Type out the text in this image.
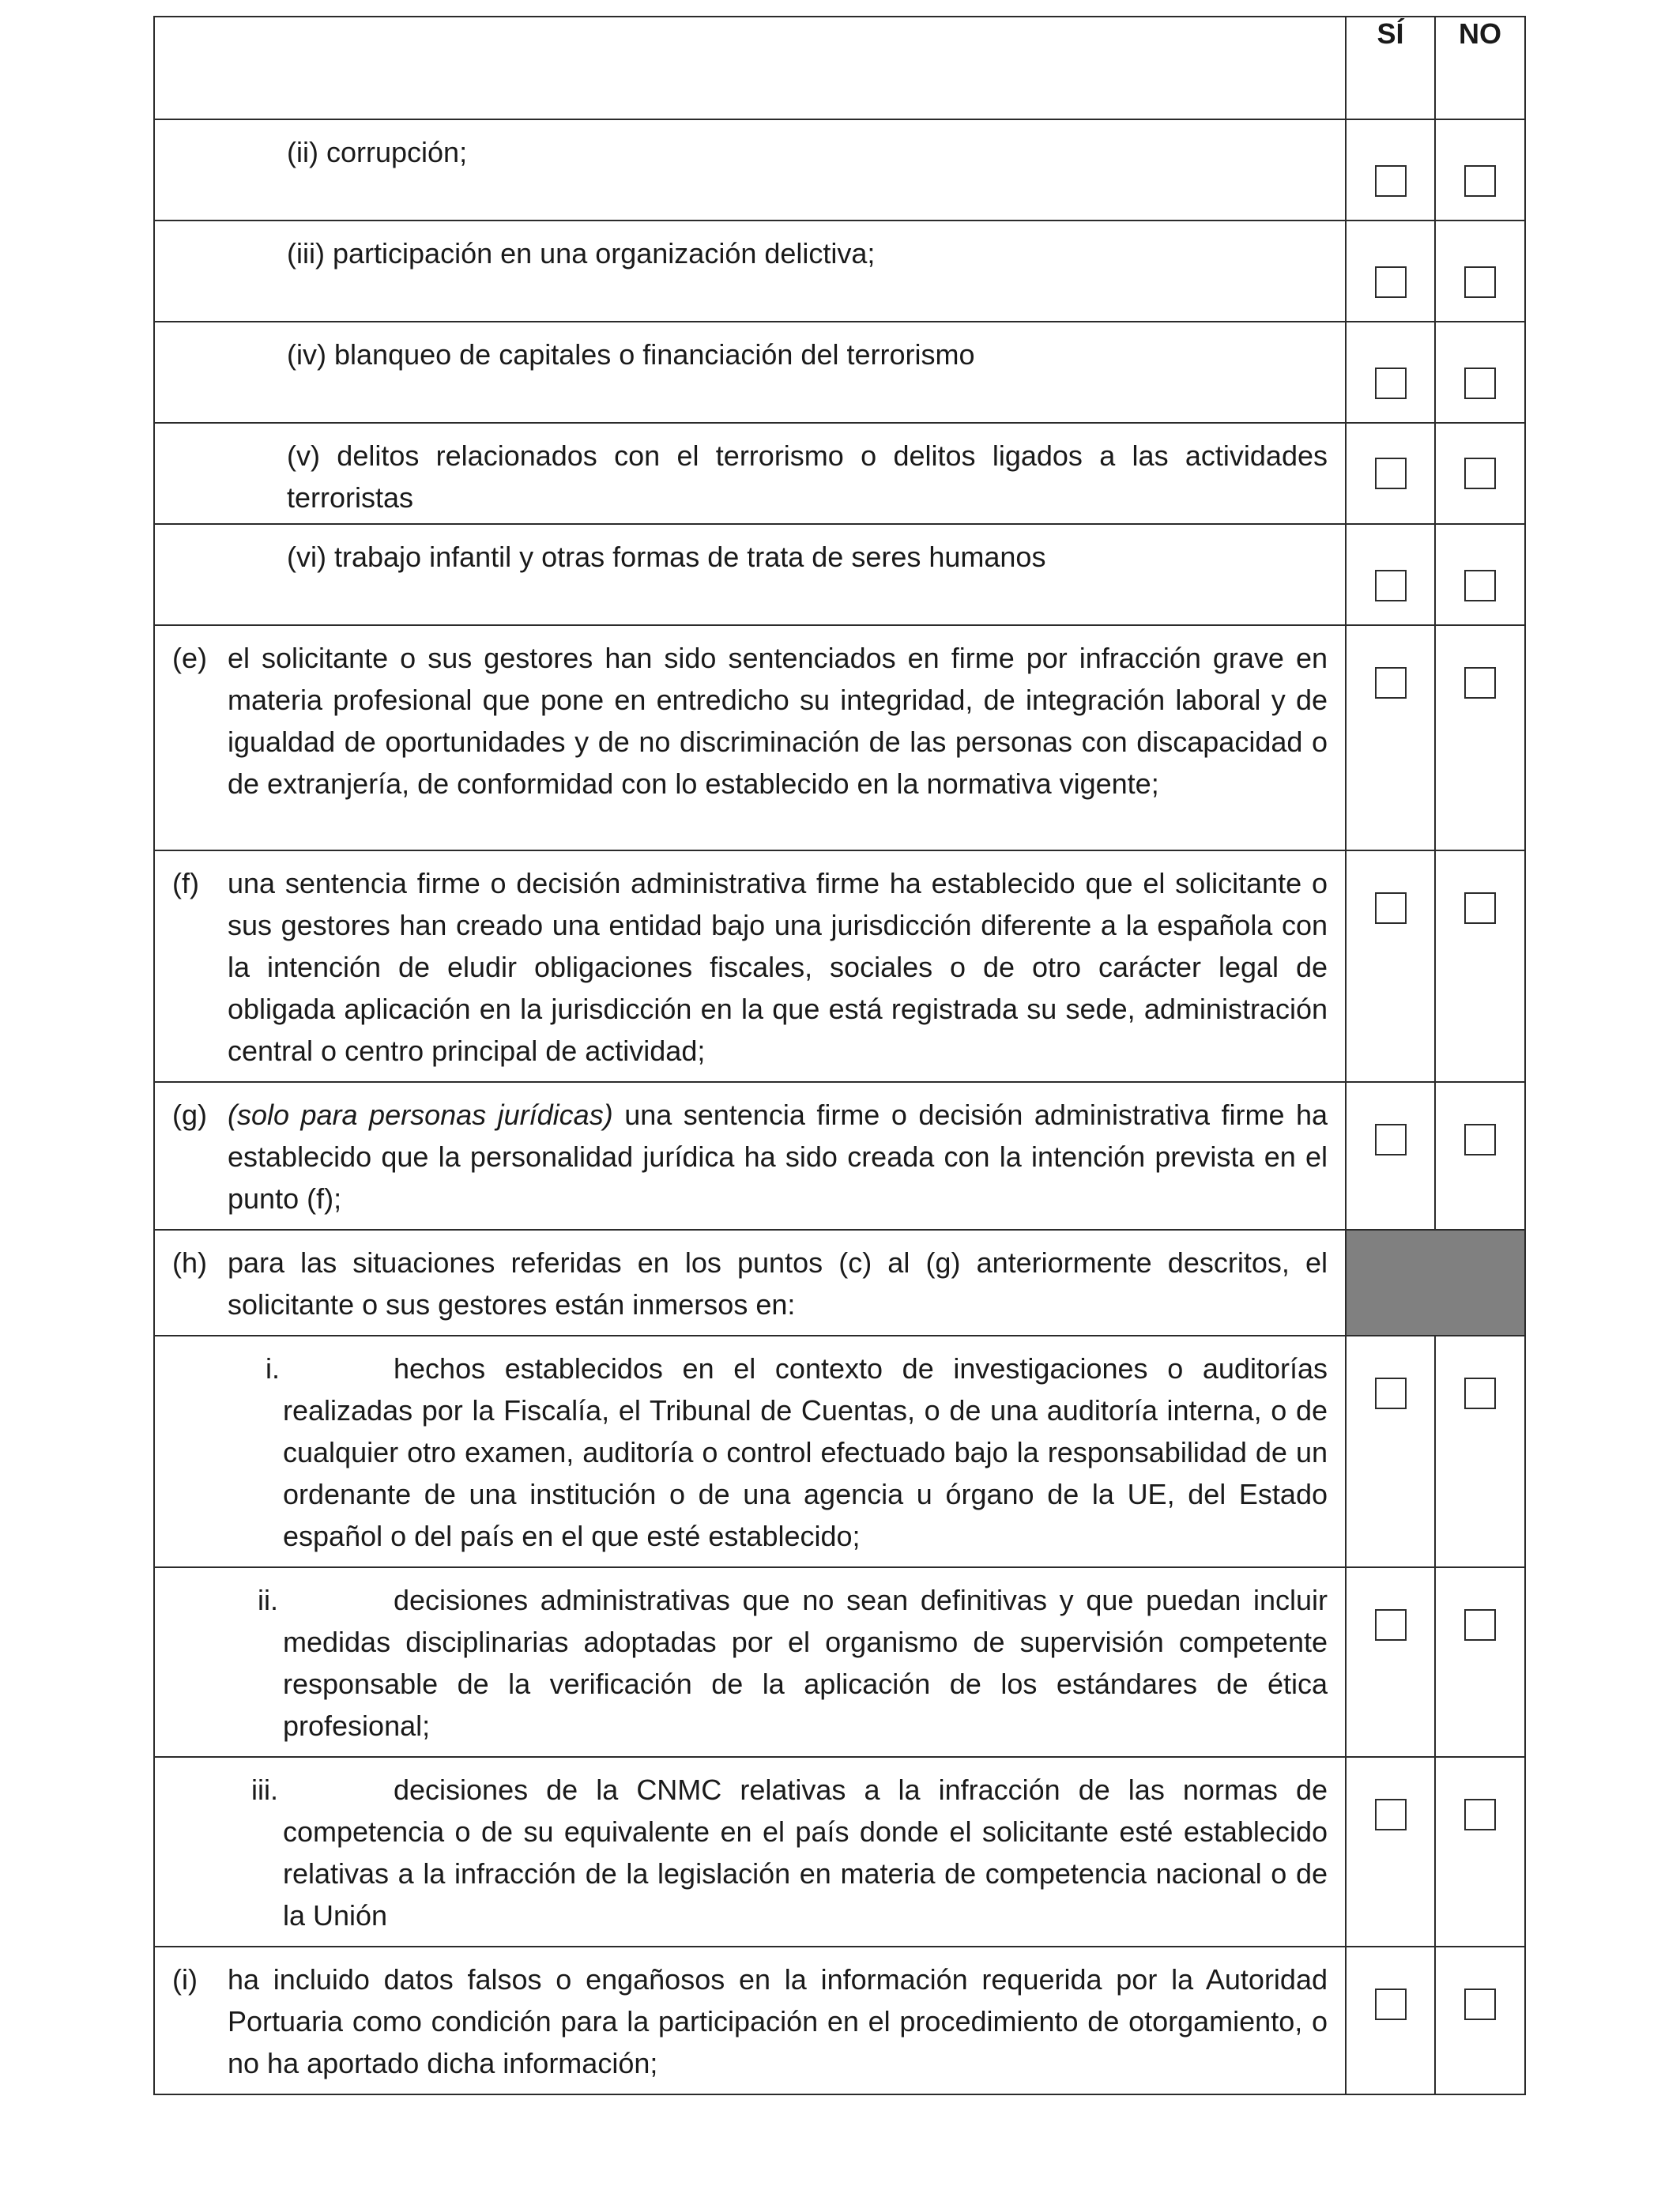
	SÍ	NO

(ii) corrupción;		

(iii) participación en una organización delictiva;		

(iv) blanqueo de capitales o financiación del terrorismo		

(v) delitos relacionados con el terrorismo o delitos ligados a las actividades terroristas		

(vi) trabajo infantil y otras formas de trata de seres humanos		

(e) el solicitante o sus gestores han sido sentenciados en firme por infracción grave en materia profesional que pone en entredicho su integridad, de integración laboral y de igualdad de oportunidades y de no discriminación de las personas con discapacidad o de extranjería, de conformidad con lo establecido en la normativa vigente;		

(f) una sentencia firme o decisión administrativa firme ha establecido que el solicitante o sus gestores han creado una entidad bajo una jurisdicción diferente a la española con la intención de eludir obligaciones fiscales, sociales o de otro carácter legal de obligada aplicación en la jurisdicción en la que está registrada su sede, administración central o centro principal de actividad;		

(g) (solo para personas jurídicas) una sentencia firme o decisión administrativa firme ha establecido que la personalidad jurídica ha sido creada con la intención prevista en el punto (f);		

(h) para las situaciones referidas en los puntos (c) al (g) anteriormente descritos, el solicitante o sus gestores están inmersos en:		

i. hechos establecidos en el contexto de investigaciones o auditorías realizadas por la Fiscalía, el Tribunal de Cuentas, o de una auditoría interna, o de cualquier otro examen, auditoría o control efectuado bajo la responsabilidad de un ordenante de una institución o de una agencia u órgano de la UE, del Estado español o del país en el que esté establecido;		

ii. decisiones administrativas que no sean definitivas y que puedan incluir medidas disciplinarias adoptadas por el organismo de supervisión competente responsable de la verificación de la aplicación de los estándares de ética profesional;		

iii. decisiones de la CNMC relativas a la infracción de las normas de competencia o de su equivalente en el país donde el solicitante esté establecido relativas a la infracción de la legislación en materia de competencia nacional o de la Unión		

(i) ha incluido datos falsos o engañosos en la información requerida por la Autoridad Portuaria como condición para la participación en el procedimiento de otorgamiento, o no ha aportado dicha información;		
